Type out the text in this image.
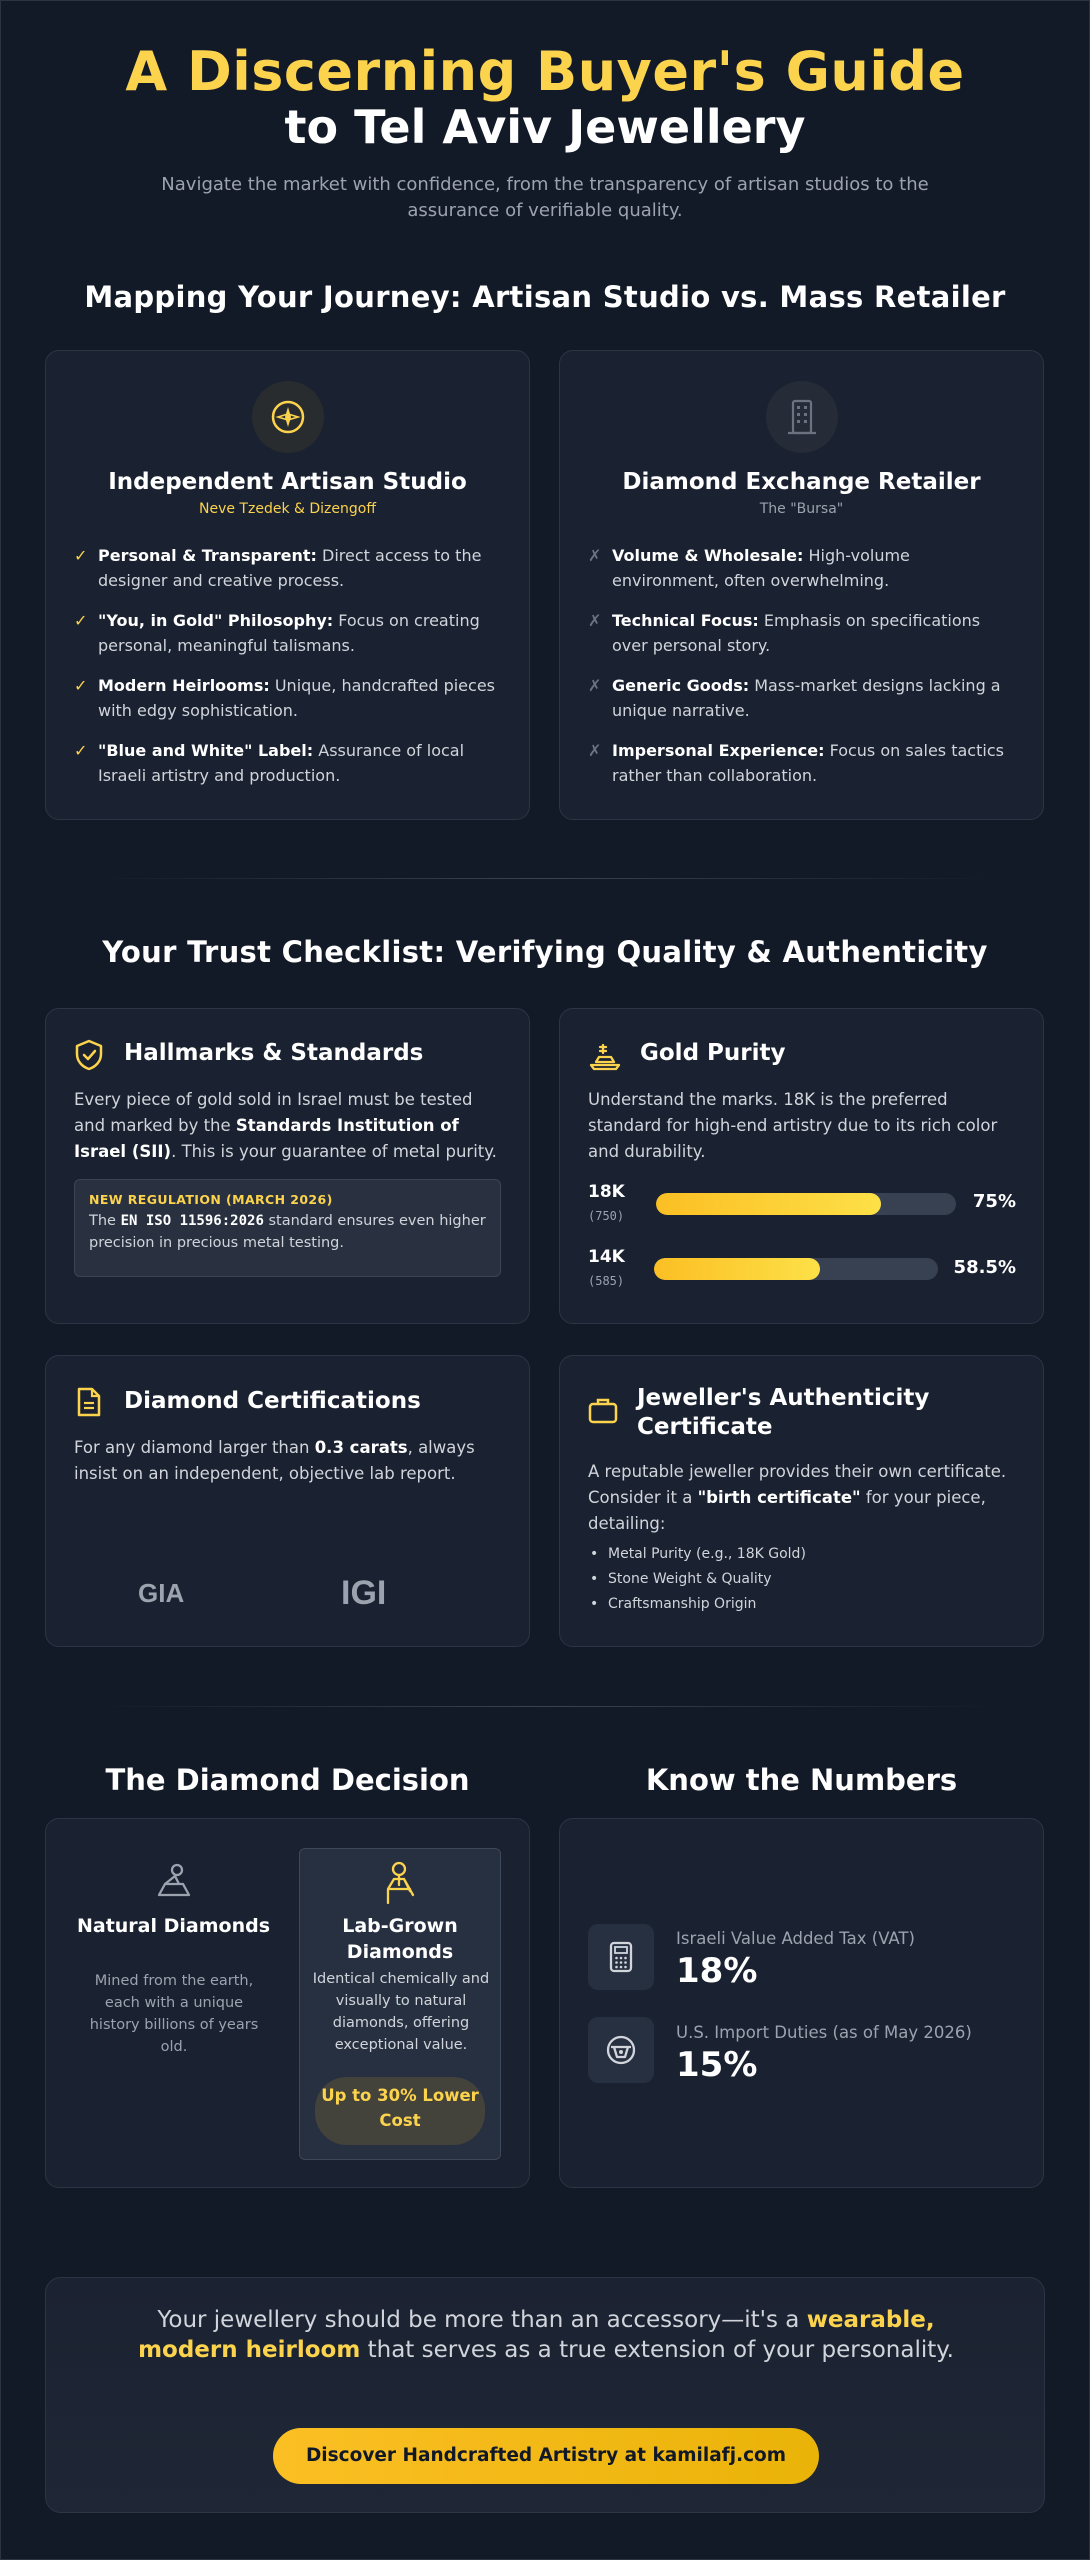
A Discerning Buyer's Guide
to Tel Aviv Jewellery
Navigate the market with confidence, from the transparency of artisan studios to the assurance of verifiable quality.
Mapping Your Journey: Artisan Studio vs. Mass Retailer
Independent Artisan Studio
Neve Tzedek & Dizengoff
✓ Personal & Transparent: Direct access to the designer and creative process.
✓ "You, in Gold" Philosophy: Focus on creating personal, meaningful talismans.
✓ Modern Heirlooms: Unique, handcrafted pieces with edgy sophistication.
✓ "Blue and White" Label: Assurance of local Israeli artistry and production.
Diamond Exchange Retailer
The "Bursa"
✗ Volume & Wholesale: High-volume environment, often overwhelming.
✗ Technical Focus: Emphasis on specifications over personal story.
✗ Generic Goods: Mass-market designs lacking a unique narrative.
✗ Impersonal Experience: Focus on sales tactics rather than collaboration.
Your Trust Checklist: Verifying Quality & Authenticity
Hallmarks & Standards
Every piece of gold sold in Israel must be tested and marked by the Standards Institution of Israel (SII). This is your guarantee of metal purity.
NEW REGULATION (MARCH 2026)
The EN ISO 11596:2026 standard ensures even higher precision in precious metal testing.
Gold Purity
Understand the marks. 18K is the preferred standard for high-end artistry due to its rich color and durability.
18K
(750)
75%
14K
(585)
58.5%
Diamond Certifications
For any diamond larger than 0.3 carats, always insist on an independent, objective lab report.
GIA	IGI
Jeweller's Authenticity Certificate
A reputable jeweller provides their own certificate. Consider it a "birth certificate" for your piece, detailing:
• Metal Purity (e.g., 18K Gold)
• Stone Weight & Quality
• Craftsmanship Origin
The Diamond Decision	Know the Numbers
Natural Diamonds
Mined from the earth, each with a unique history billions of years old.
Lab-Grown Diamonds
Identical chemically and visually to natural diamonds, offering exceptional value.
Up to 30% Lower Cost
Israeli Value Added Tax (VAT)
18%
U.S. Import Duties (as of May 2026)
15%
Your jewellery should be more than an accessory—it's a wearable, modern heirloom that serves as a true extension of your personality.
Discover Handcrafted Artistry at kamilafj.com
